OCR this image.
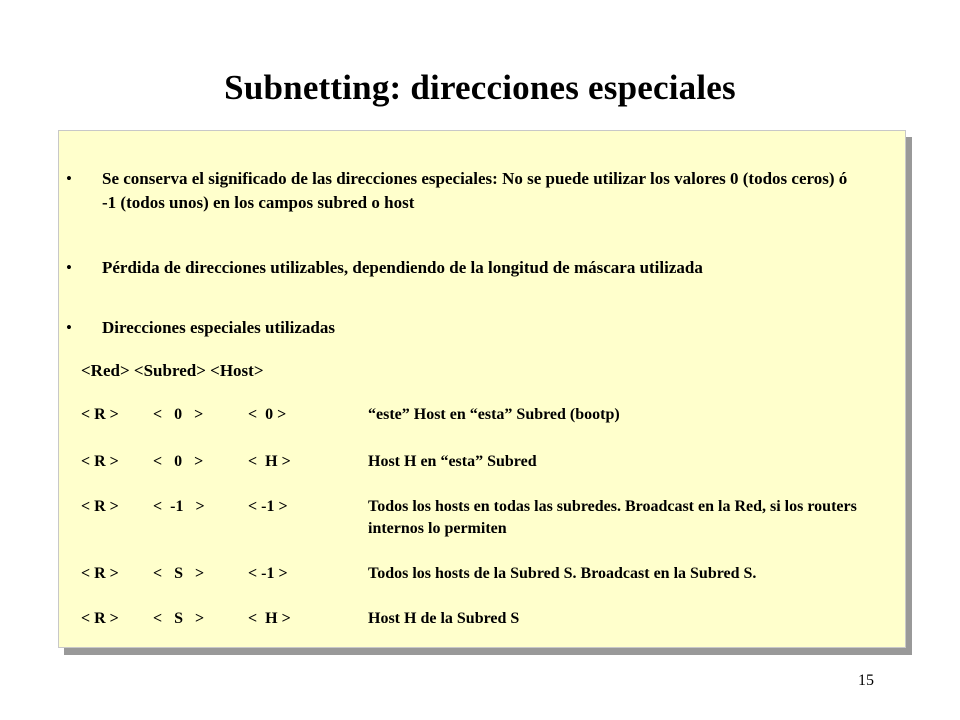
Subnetting: direcciones especiales
• Se conserva el significado de las direcciones especiales: No se puede utilizar los valores 0 (todos ceros) ó -1 (todos unos) en los campos subred o host
• Pérdida de direcciones utilizables, dependiendo de la longitud de máscara utilizada
• Direcciones especiales utilizadas
<Red> <Subred> <Host>
< R > <   0   >	<  0 >	“este” Host en “esta” Subred (bootp)
< R > <   0   >	<  H >	Host H en “esta” Subred
< R > <  -1   >	< -1 >	Todos los hosts en todas las subredes. Broadcast en la Red, si los routers internos lo permiten
< R > <   S   >	< -1 >	Todos los hosts de la Subred S. Broadcast en la Subred S.
< R > <   S   >	<  H >	Host H de la Subred S
15
